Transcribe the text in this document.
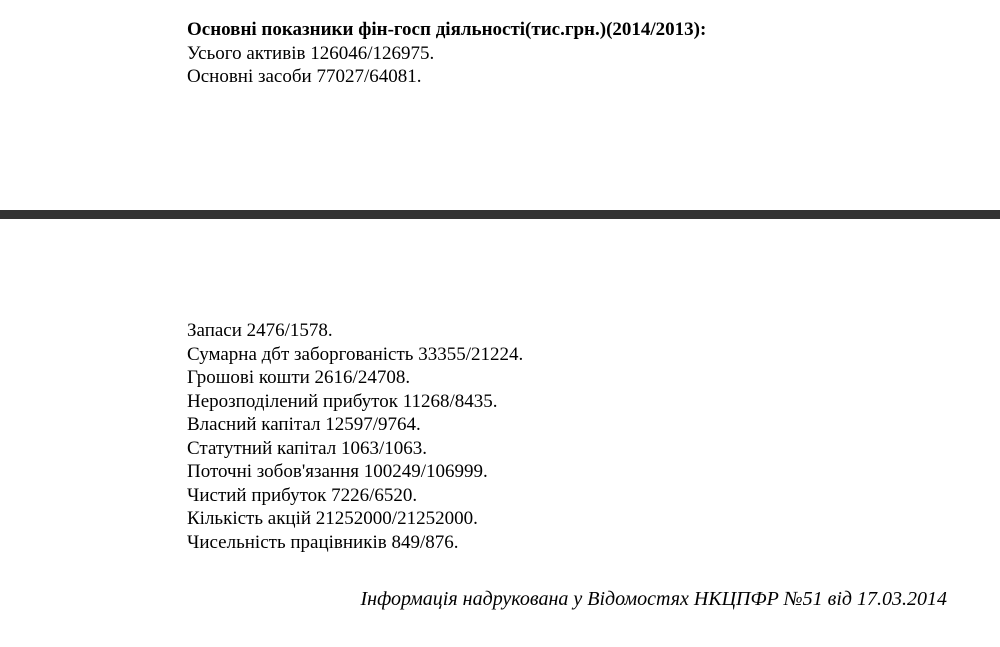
Основні показники фін-госп діяльності(тис.грн.)(2014/2013):
Усього активів 126046/126975.
Основні засоби 77027/64081.
Запаси 2476/1578.
Сумарна дбт заборгованість 33355/21224.
Грошові кошти 2616/24708.
Нерозподілений прибуток 11268/8435.
Власний капітал 12597/9764.
Статутний капітал 1063/1063.
Поточні зобов'язання 100249/106999.
Чистий прибуток 7226/6520.
Кількість акцій 21252000/21252000.
Чисельність працівників 849/876.
Інформація надрукована у Відомостях НКЦПФР №51 від 17.03.2014
